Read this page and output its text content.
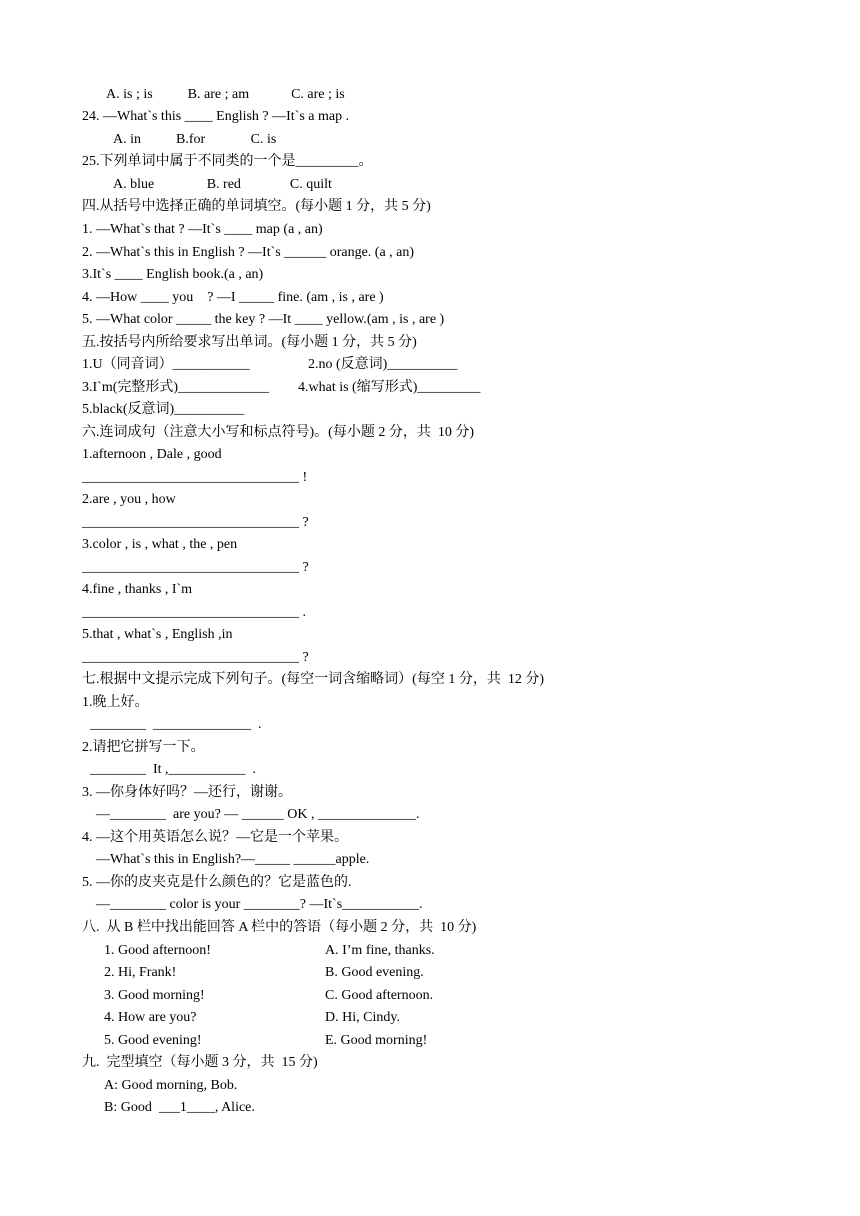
A. is ; is          B. are ; am            C. are ; is
24. —What`s this ____ English ? —It`s a map .
A. in          B.for             C. is
25.下列单词中属于不同类的一个是_________。
A. blue               B. red              C. quilt
四.从括号中选择正确的单词填空。(每小题 1 分，共 5 分)
1. —What`s that ? —It`s ____ map (a , an)
2. —What`s this in English ? —It`s ______ orange. (a , an)
3.It`s ____ English book.(a , an)
4. —How ____ you    ? —I _____ fine. (am , is , are )
5. —What color _____ the key ? —It ____ yellow.(am , is , are )
五.按括号内所给要求写出单词。(每小题 1 分，共 5 分)
1.U（同音词）___________	2.no (反意词)__________
3.I`m(完整形式)_____________ 4.what is (缩写形式)_________
5.black(反意词)__________
六.连词成句（注意大小写和标点符号)。(每小题 2 分，共  10 分)
1.afternoon , Dale , good
_______________________________ !
2.are , you , how
_______________________________ ?
3.color , is , what , the , pen
_______________________________ ?
4.fine , thanks , I`m
_______________________________ .
5.that , what`s , English ,in
_______________________________ ?
七.根据中文提示完成下列句子。(每空一词含缩略词）(每空 1 分，共  12 分)
1.晚上好。
________  ______________  .
2.请把它拼写一下。
________  It ,___________  .
3. —你身体好吗？—还行，谢谢。
—________  are you? — ______ OK , ______________.
4. —这个用英语怎么说？—它是一个苹果。
—What`s this in English?—_____ ______apple.
5. —你的皮夹克是什么颜色的？它是蓝色的.
—________ color is your ________? —It`s___________.
八.  从 B 栏中找出能回答 A 栏中的答语（每小题 2 分，共  10 分)
1. Good afternoon!	A. I’m fine, thanks.
2. Hi, Frank!	B. Good evening.
3. Good morning!	C. Good afternoon.
4. How are you?	D. Hi, Cindy.
5. Good evening!	E. Good morning!
九.  完型填空（每小题 3 分，共  15 分)
A: Good morning, Bob.
B: Good  ___1____, Alice.
